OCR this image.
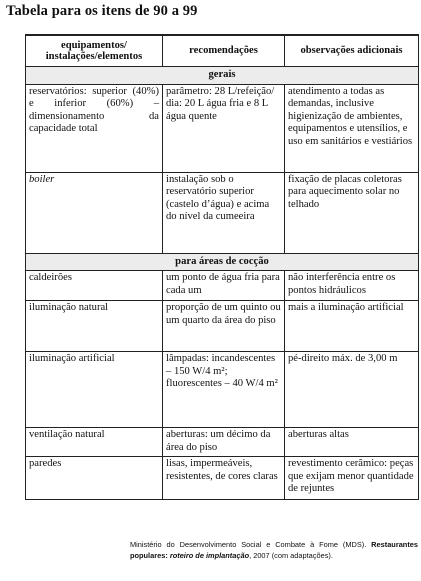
Tabela para os itens de 90 a 99
equipamentos/ instalações/elementos	recomendações	observações adicionais
gerais		
reservatórios: superior (40%) e inferior (60%) – dimensionamento da capacidade total	parâmetro: 28 L/refeição/ dia: 20 L água fria e 8 L água quente	atendimento a todas as demandas, inclusive higienização de ambientes, equipamentos e utensílios, e uso em sanitários e vestiários
boiler	instalação sob o reservatório superior (castelo d’água) e acima do nível da cumeeira	fixação de placas coletoras para aquecimento solar no telhado
para áreas de cocção		
caldeirões	um ponto de água fria para cada um	não interferência entre os pontos hidráulicos
iluminação natural	proporção de um quinto ou um quarto da área do piso	mais a iluminação artificial
iluminação artificial	lâmpadas: incandescentes – 150 W/4 m²; fluorescentes – 40 W/4 m²	pé-direito máx. de 3,00 m
ventilação natural	aberturas: um décimo da área do piso	aberturas altas
paredes	lisas, impermeáveis, resistentes, de cores claras	revestimento cerâmico: peças que exijam menor quantidade de rejuntes
Ministério do Desenvolvimento Social e Combate à Fome (MDS). Restaurantes populares: roteiro de implantação, 2007 (com adaptações).
